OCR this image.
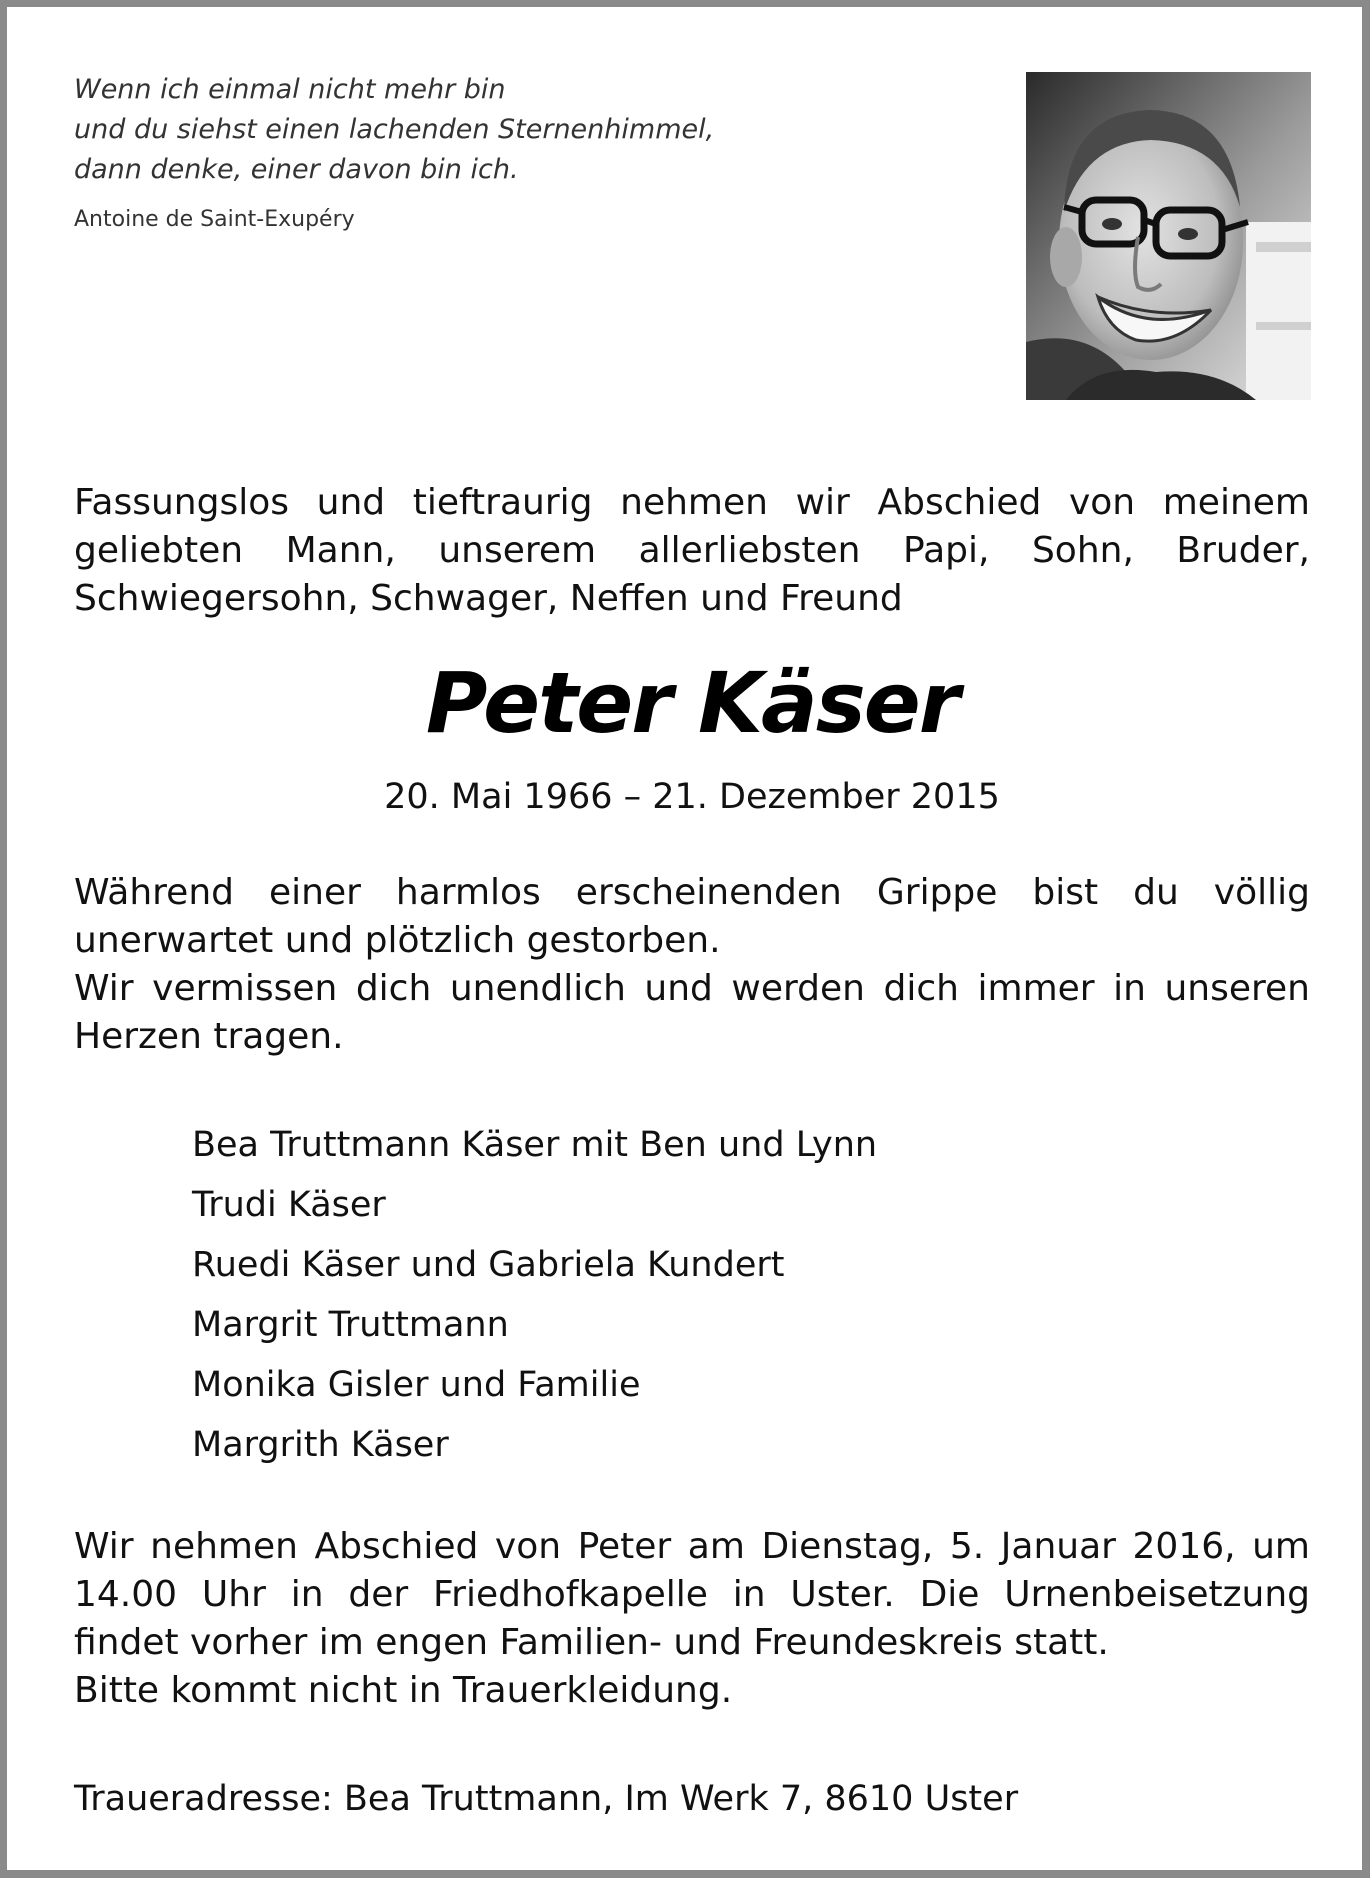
Wenn ich einmal nicht mehr bin
und du siehst einen lachenden Sternenhimmel,
dann denke, einer davon bin ich.
Antoine de Saint-Exupéry
Fassungslos und tieftraurig nehmen wir Abschied von meinem geliebten Mann, unserem allerliebsten Papi, Sohn, Bruder, Schwiegersohn, Schwager, Neffen und Freund
Peter Käser
20. Mai 1966 – 21. Dezember 2015

Während einer harmlos erscheinenden Grippe bist du völlig unerwartet und plötzlich gestorben.

Wir vermissen dich unendlich und werden dich immer in unseren Herzen tragen.

Bea Truttmann Käser mit Ben und Lynn
Trudi Käser
Ruedi Käser und Gabriela Kundert
Margrit Truttmann
Monika Gisler und Familie
Margrith Käser

Wir nehmen Abschied von Peter am Dienstag, 5. Januar 2016, um 14.00 Uhr in der Friedhofkapelle in Uster. Die Urnenbeisetzung findet vorher im engen Familien- und Freundeskreis statt.

Bitte kommt nicht in Trauerkleidung.

Traueradresse: Bea Truttmann, Im Werk 7, 8610 Uster
